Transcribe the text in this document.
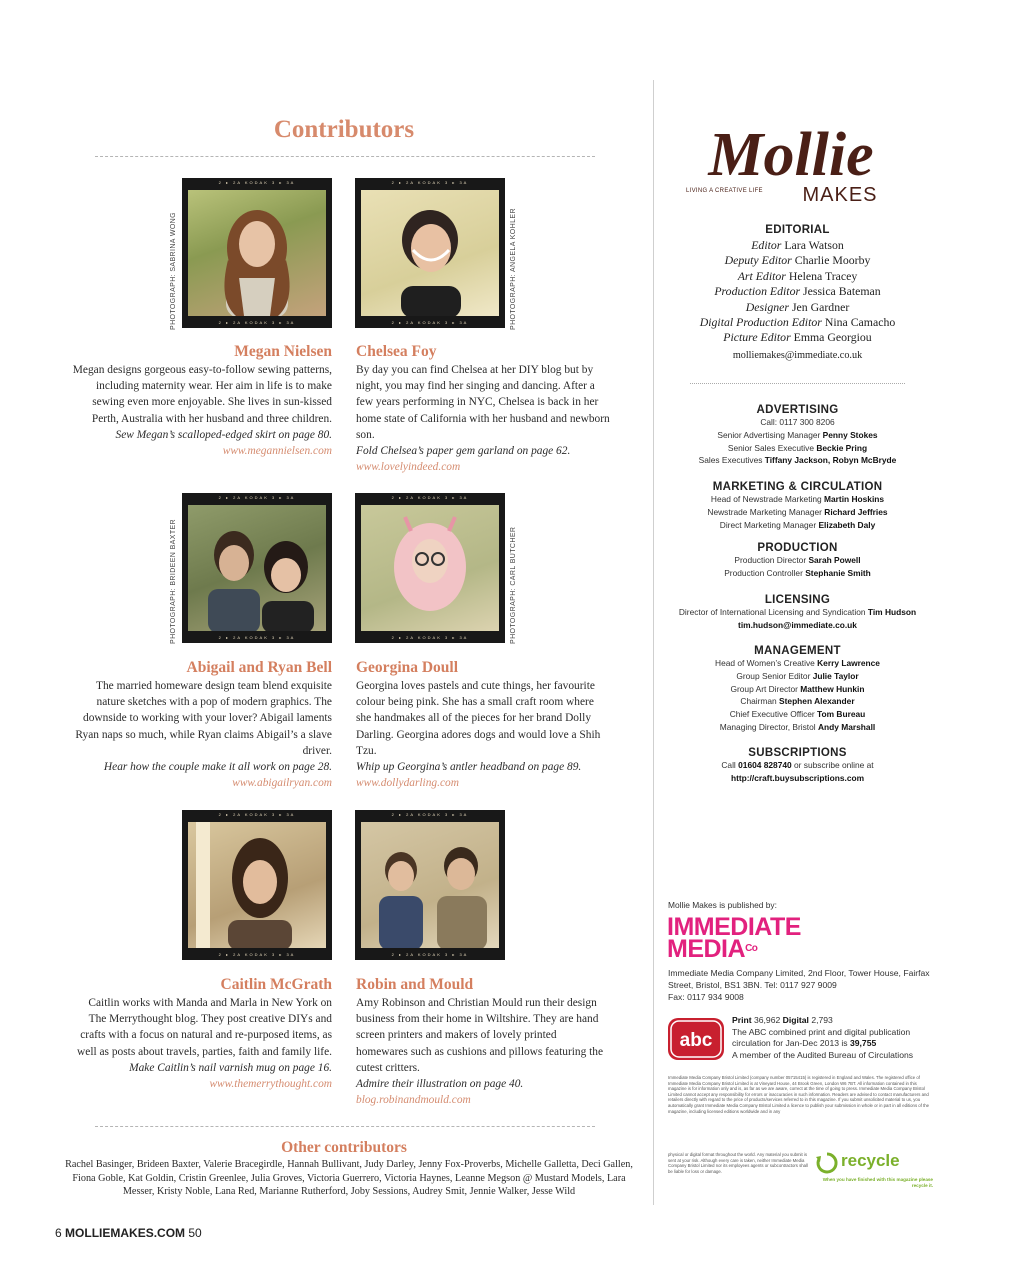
Contributors
PHOTOGRAPH: SABRINA WONG
2 ▸ 2A KODAK 3 ▸ 3A
2 ▸ 2A KODAK 3 ▸ 3A	PHOTOGRAPH: ANGELA KOHLER
2 ▸ 2A KODAK 3 ▸ 3A
2 ▸ 2A KODAK 3 ▸ 3A
Megan Nielsen
Megan designs gorgeous easy-to-follow sewing patterns, including maternity wear. Her aim in life is to make sewing even more enjoyable. She lives in sun-kissed Perth, Australia with her husband and three children.
Sew Megan’s scalloped-edged skirt on page 80.
www.megannielsen.com
Chelsea Foy
By day you can find Chelsea at her DIY blog but by night, you may find her singing and dancing. After a few years performing in NYC, Chelsea is back in her home state of California with her husband and newborn son.
Fold Chelsea’s paper gem garland on page 62.
www.lovelyindeed.com
PHOTOGRAPH: BRIDEEN BAXTER
2 ▸ 2A KODAK 3 ▸ 3A
2 ▸ 2A KODAK 3 ▸ 3A	PHOTOGRAPH: CARL BUTCHER
2 ▸ 2A KODAK 3 ▸ 3A
2 ▸ 2A KODAK 3 ▸ 3A
Abigail and Ryan Bell
The married homeware design team blend exquisite nature sketches with a pop of modern graphics. The downside to working with your lover? Abigail laments Ryan naps so much, while Ryan claims Abigail’s a slave driver.
Hear how the couple make it all work on page 28.
www.abigailryan.com
Georgina Doull
Georgina loves pastels and cute things, her favourite colour being pink. She has a small craft room where she handmakes all of the pieces for her brand Dolly Darling. Georgina adores dogs and would love a Shih Tzu.
Whip up Georgina’s antler headband on page 89.
www.dollydarling.com
2 ▸ 2A KODAK 3 ▸ 3A
2 ▸ 2A KODAK 3 ▸ 3A
2 ▸ 2A KODAK 3 ▸ 3A
2 ▸ 2A KODAK 3 ▸ 3A
Caitlin McGrath
Caitlin works with Manda and Marla in New York on The Merrythought blog. They post creative DIYs and crafts with a focus on natural and re-purposed items, as well as posts about travels, parties, faith and family life.
Make Caitlin’s nail varnish mug on page 16.
www.themerrythought.com
Robin and Mould
Amy Robinson and Christian Mould run their design business from their home in Wiltshire. They are hand screen printers and makers of lovely printed homewares such as cushions and pillows featuring the cutest critters.
Admire their illustration on page 40.
blog.robinandmould.com
Other contributors
Rachel Basinger, Brideen Baxter, Valerie Bracegirdle, Hannah Bullivant, Judy Darley, Jenny Fox-Proverbs, Michelle Galletta, Deci Gallen, Fiona Goble, Kat Goldin, Cristin Greenlee, Julia Groves, Victoria Guerrero, Victoria Haynes, Leanne Megson @ Mustard Models, Lara Messer, Kristy Noble, Lana Red, Marianne Rutherford, Joby Sessions, Audrey Smit, Jennie Walker, Jesse Wild
6 MOLLIEMAKES.COM 50
Mollie
LIVING A CREATIVE LIFE MAKES
EDITORIAL
Editor Lara Watson
Deputy Editor Charlie Moorby
Art Editor Helena Tracey
Production Editor Jessica Bateman
Designer Jen Gardner
Digital Production Editor Nina Camacho
Picture Editor Emma Georgiou
molliemakes@immediate.co.uk
ADVERTISING
Call: 0117 300 8206
Senior Advertising Manager Penny Stokes
Senior Sales Executive Beckie Pring
Sales Executives Tiffany Jackson, Robyn McBryde
MARKETING & CIRCULATION
Head of Newstrade Marketing Martin Hoskins
Newstrade Marketing Manager Richard Jeffries
Direct Marketing Manager Elizabeth Daly
PRODUCTION
Production Director Sarah Powell
Production Controller Stephanie Smith
LICENSING
Director of International Licensing and Syndication Tim Hudson
tim.hudson@immediate.co.uk
MANAGEMENT
Head of Women’s Creative Kerry Lawrence
Group Senior Editor Julie Taylor
Group Art Director Matthew Hunkin
Chairman Stephen Alexander
Chief Executive Officer Tom Bureau
Managing Director, Bristol Andy Marshall
SUBSCRIPTIONS
Call 01604 828740 or subscribe online at
http://craft.buysubscriptions.com
Mollie Makes is published by:
IMMEDIATE
$MEDIA^{Co}$
Immediate Media Company Limited, 2nd Floor, Tower House, Fairfax Street, Bristol, BS1 3BN. Tel: 0117 927 9009
Fax: 0117 934 9008
abc
Print 36,962 Digital 2,793
The ABC combined print and digital publication circulation for Jan-Dec 2013 is 39,755
A member of the Audited Bureau of Circulations
Immediate Media Company Bristol Limited (company number 05715415) is registered in England and Wales. The registered office of Immediate Media Company Bristol Limited is at Vineyard House, 44 Brook Green, London W6 7BT. All information contained in this magazine is for information only and is, as far as we are aware, correct at the time of going to press. Immediate Media Company Bristol Limited cannot accept any responsibility for errors or inaccuracies in such information. Readers are advised to contact manufacturers and retailers directly with regard to the price of products/services referred to in this magazine. If you submit unsolicited material to us, you automatically grant Immediate Media Company Bristol Limited a licence to publish your submission in whole or in part in all editions of the magazine, including licensed editions worldwide and in any
physical or digital format throughout the world. Any material you submit is sent at your risk. Although every care is taken, neither Immediate Media Company Bristol Limited nor its employees agents or subcontractors shall be liable for loss or damage.
recycle
When you have finished with this magazine please recycle it.
